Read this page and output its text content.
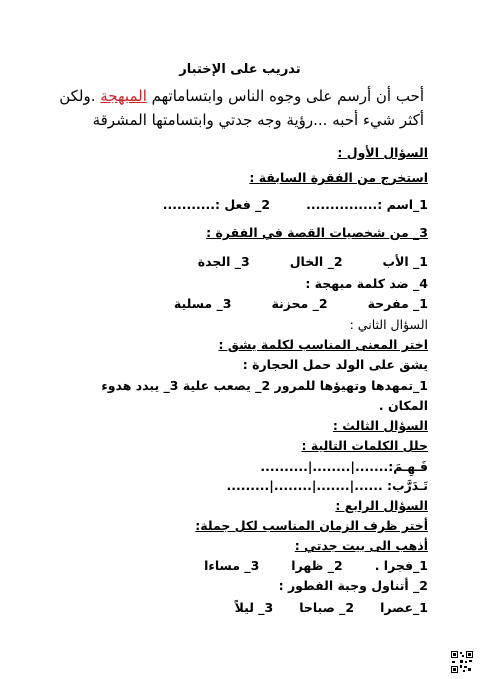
تدريب على الإختبار
أحب أن أرسم على وجوه الناس وابتساماتهم المبهجة .ولكن
أكثر شيء أحبه ...رؤية وجه جدتي وابتسامتها المشرقة
السؤال الأول :
استخرج من الفقرة السابقة :
1_اسم :...............
2_ فعل :...........
3_ من شخصيات القصة في الفقرة :
1_ الأب
2_ الخال
3_ الجدة
4_ ضد كلمة مبهجة :
1_ مفرحة
2_ محزنة
3_ مسلية
السؤال الثاني :
اختر المعنى المناسب لكلمة يشق :
يشق على الولد حمل الحجارة :
1_تمهدها وتهيؤها للمرور 2_ يصعب علية 3_ يبدد هدوء
المكان .
السؤال الثالث :
حلل الكلمات التالية :
فَـهِـمَ:.......|........|..........
تَـدَرَّب: ......|.......|........|.........
السؤال الرابع :
أختر ظرف الزمان المناسب لكل جملة:
أذهب الى بيت جدتي :
1_فجرا .
2_ ظهرا
3_ مساءا
2_ أتناول وجبة الفطور :
1_عصرا
2_ صباحا
3_ ليلاً
